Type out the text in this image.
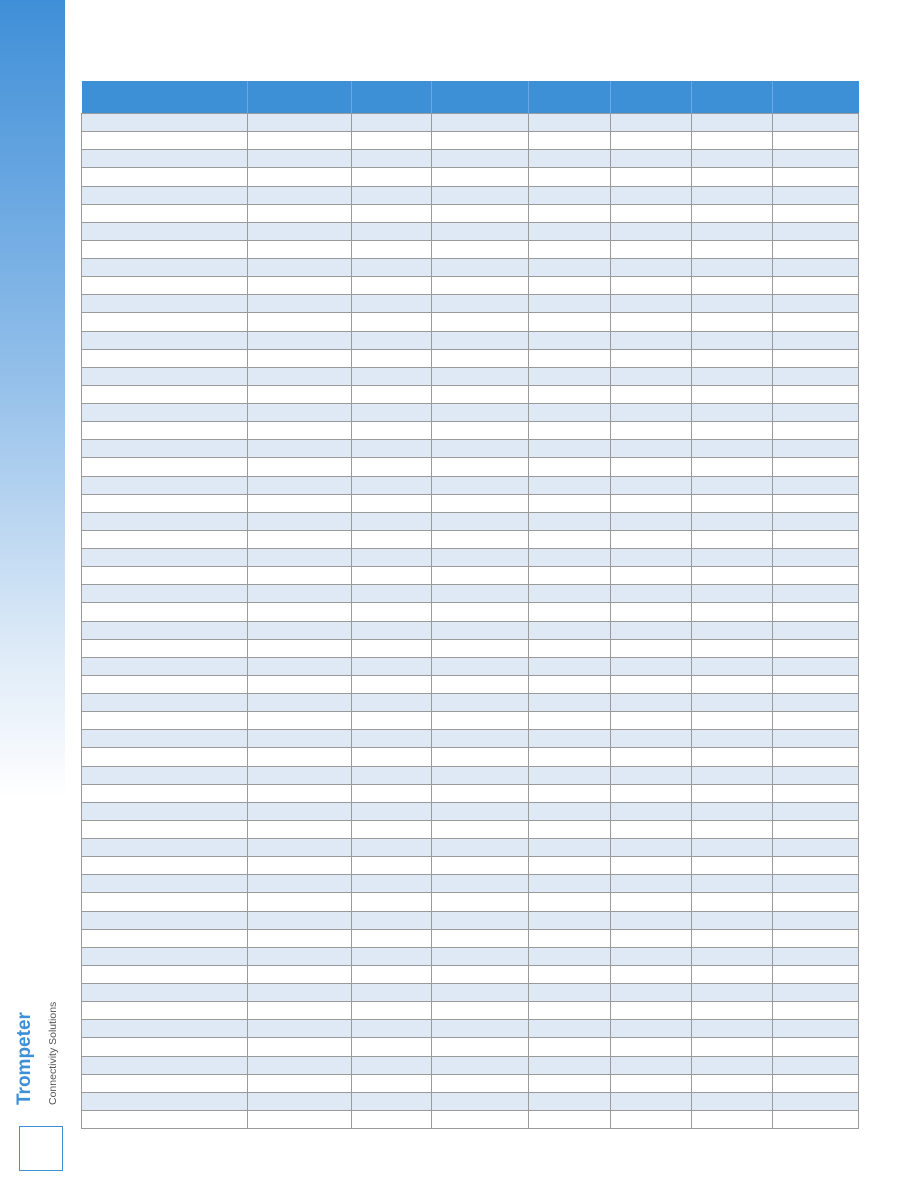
Trompeter Connectivity Solutions
